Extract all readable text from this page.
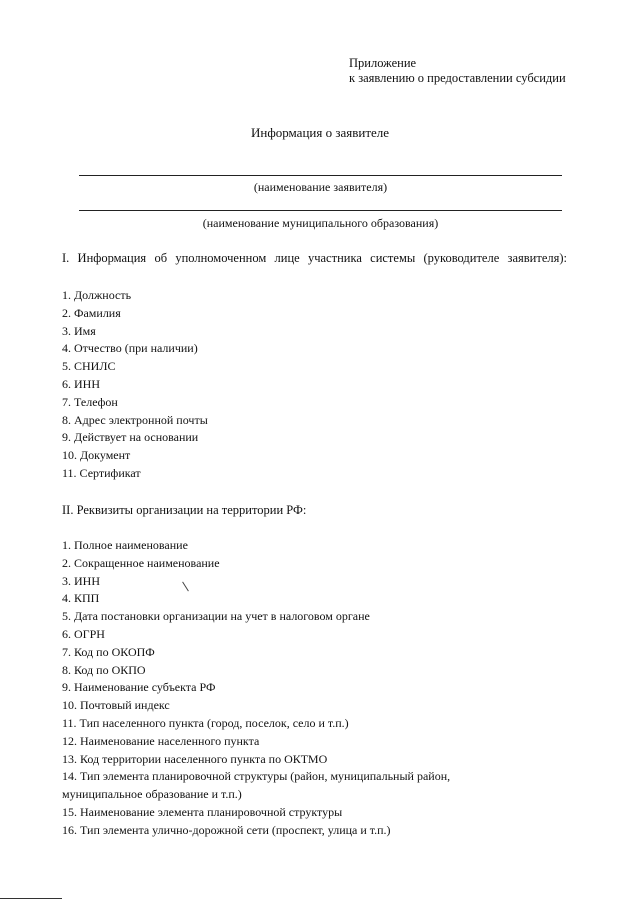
Приложение
к заявлению о предоставлении субсидии
Информация о заявителе
(наименование заявителя)
(наименование муниципального образования)
I. Информация об уполномоченном лице участника системы (руководителе заявителя):
1. Должность
2. Фамилия
3. Имя
4. Отчество (при наличии)
5. СНИЛС
6. ИНН
7. Телефон
8. Адрес электронной почты
9. Действует на основании
10. Документ
11. Сертификат
II. Реквизиты организации на территории РФ:
1. Полное наименование
2. Сокращенное наименование
3. ИНН
4. КПП
5. Дата постановки организации на учет в налоговом органе
6. ОГРН
7. Код по ОКОПФ
8. Код по ОКПО
9. Наименование субъекта РФ
10. Почтовый индекс
11. Тип населенного пункта (город, поселок, село и т.п.)
12. Наименование населенного пункта
13. Код территории населенного пункта по ОКТМО
14. Тип элемента планировочной структуры (район, муниципальный район, муниципальное образование и т.п.)
15. Наименование элемента планировочной структуры
16. Тип элемента улично-дорожной сети (проспект, улица и т.п.)
